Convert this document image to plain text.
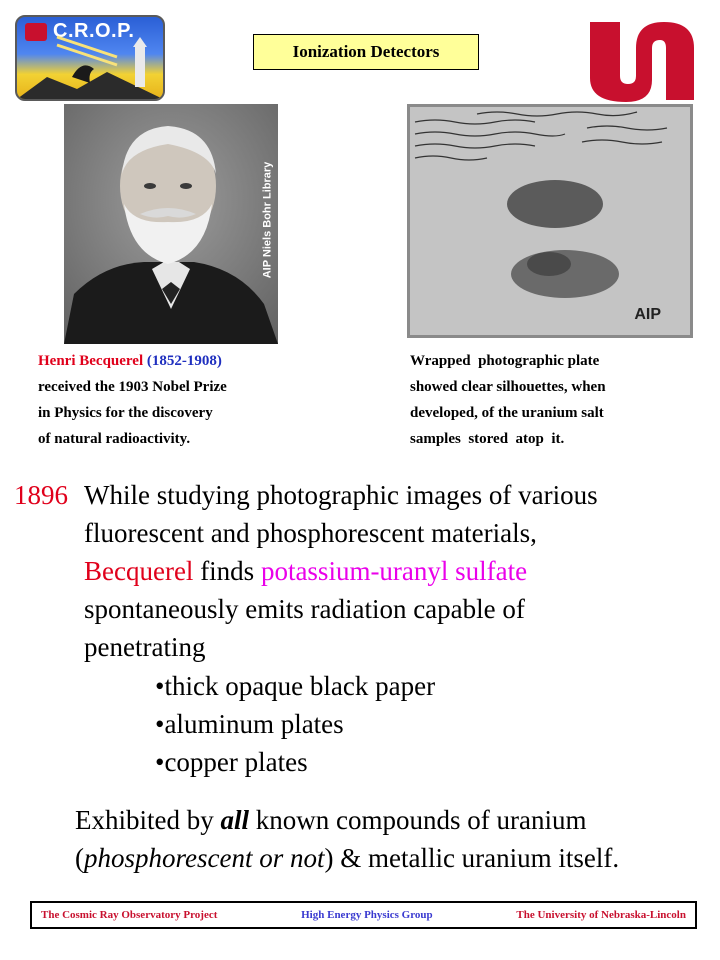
C.R.O.P.
Ionization Detectors
AIP Niels Bohr Library
AIP
Henri Becquerel (1852-1908)
received the 1903 Nobel Prize
in Physics for the discovery
of natural radioactivity.
Wrapped  photographic plate
showed clear silhouettes, when
developed, of the uranium salt
samples  stored  atop  it.
1896 While studying photographic images of various
fluorescent and phosphorescent materials,
Becquerel finds potassium-uranyl sulfate
spontaneously emits radiation capable of
penetrating
•thick opaque black paper
•aluminum plates
•copper plates
Exhibited by all known compounds of uranium
(phosphorescent or not) & metallic uranium itself.
The Cosmic Ray Observatory Project	High Energy Physics Group	The University of Nebraska-Lincoln
